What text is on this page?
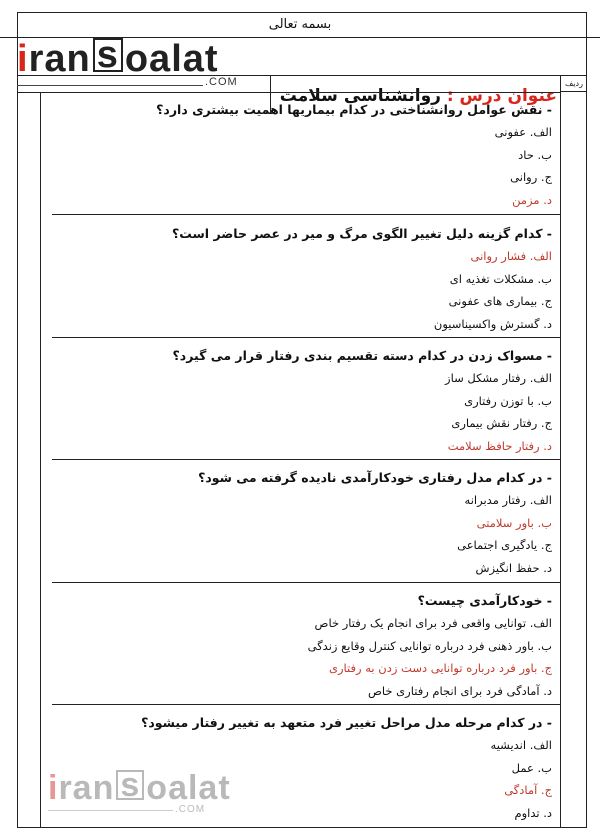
بسمه تعالی
iran s oalat
عنوان درس : روانشناسی سلامت
.COM	ردیف
- نقش عوامل روانشناختی در کدام بیماریها اهمیت بیشتری دارد؟
الف. عفونی
ب. حاد
ج. روانی
د. مزمن
- کدام گزینه دلیل تغییر الگوی مرگ و میر در عصر حاضر است؟
الف. فشار روانی
ب. مشکلات تغذیه ای
ج. بیماری های عفونی
د. گسترش واکسیناسیون
- مسواک زدن در کدام دسته تقسیم بندی رفتار قرار می گیرد؟
الف. رفتار مشکل ساز
ب. با توزن رفتاری
ج. رفتار نقش بیماری
د. رفتار حافظ سلامت
- در کدام مدل رفتاری خودکارآمدی نادیده گرفته می شود؟
الف. رفتار مدبرانه
ب. باور سلامتی
ج. یادگیری اجتماعی
د. حفظ انگیزش
- خودکارآمدی چیست؟
الف. توانایی واقعی فرد برای انجام یک رفتار خاص
ب. باور ذهنی فرد درباره توانایی کنترل وقایع زندگی
ج. باور فرد درباره توانایی دست زدن به رفتاری
د. آمادگی فرد برای انجام رفتاری خاص
- در کدام مرحله مدل مراحل تغییر فرد متعهد به تغییر رفتار میشود؟
الف. اندیشیه
ب. عمل
ج. آمادگی
د. تداوم
iran s oalat
.COM
